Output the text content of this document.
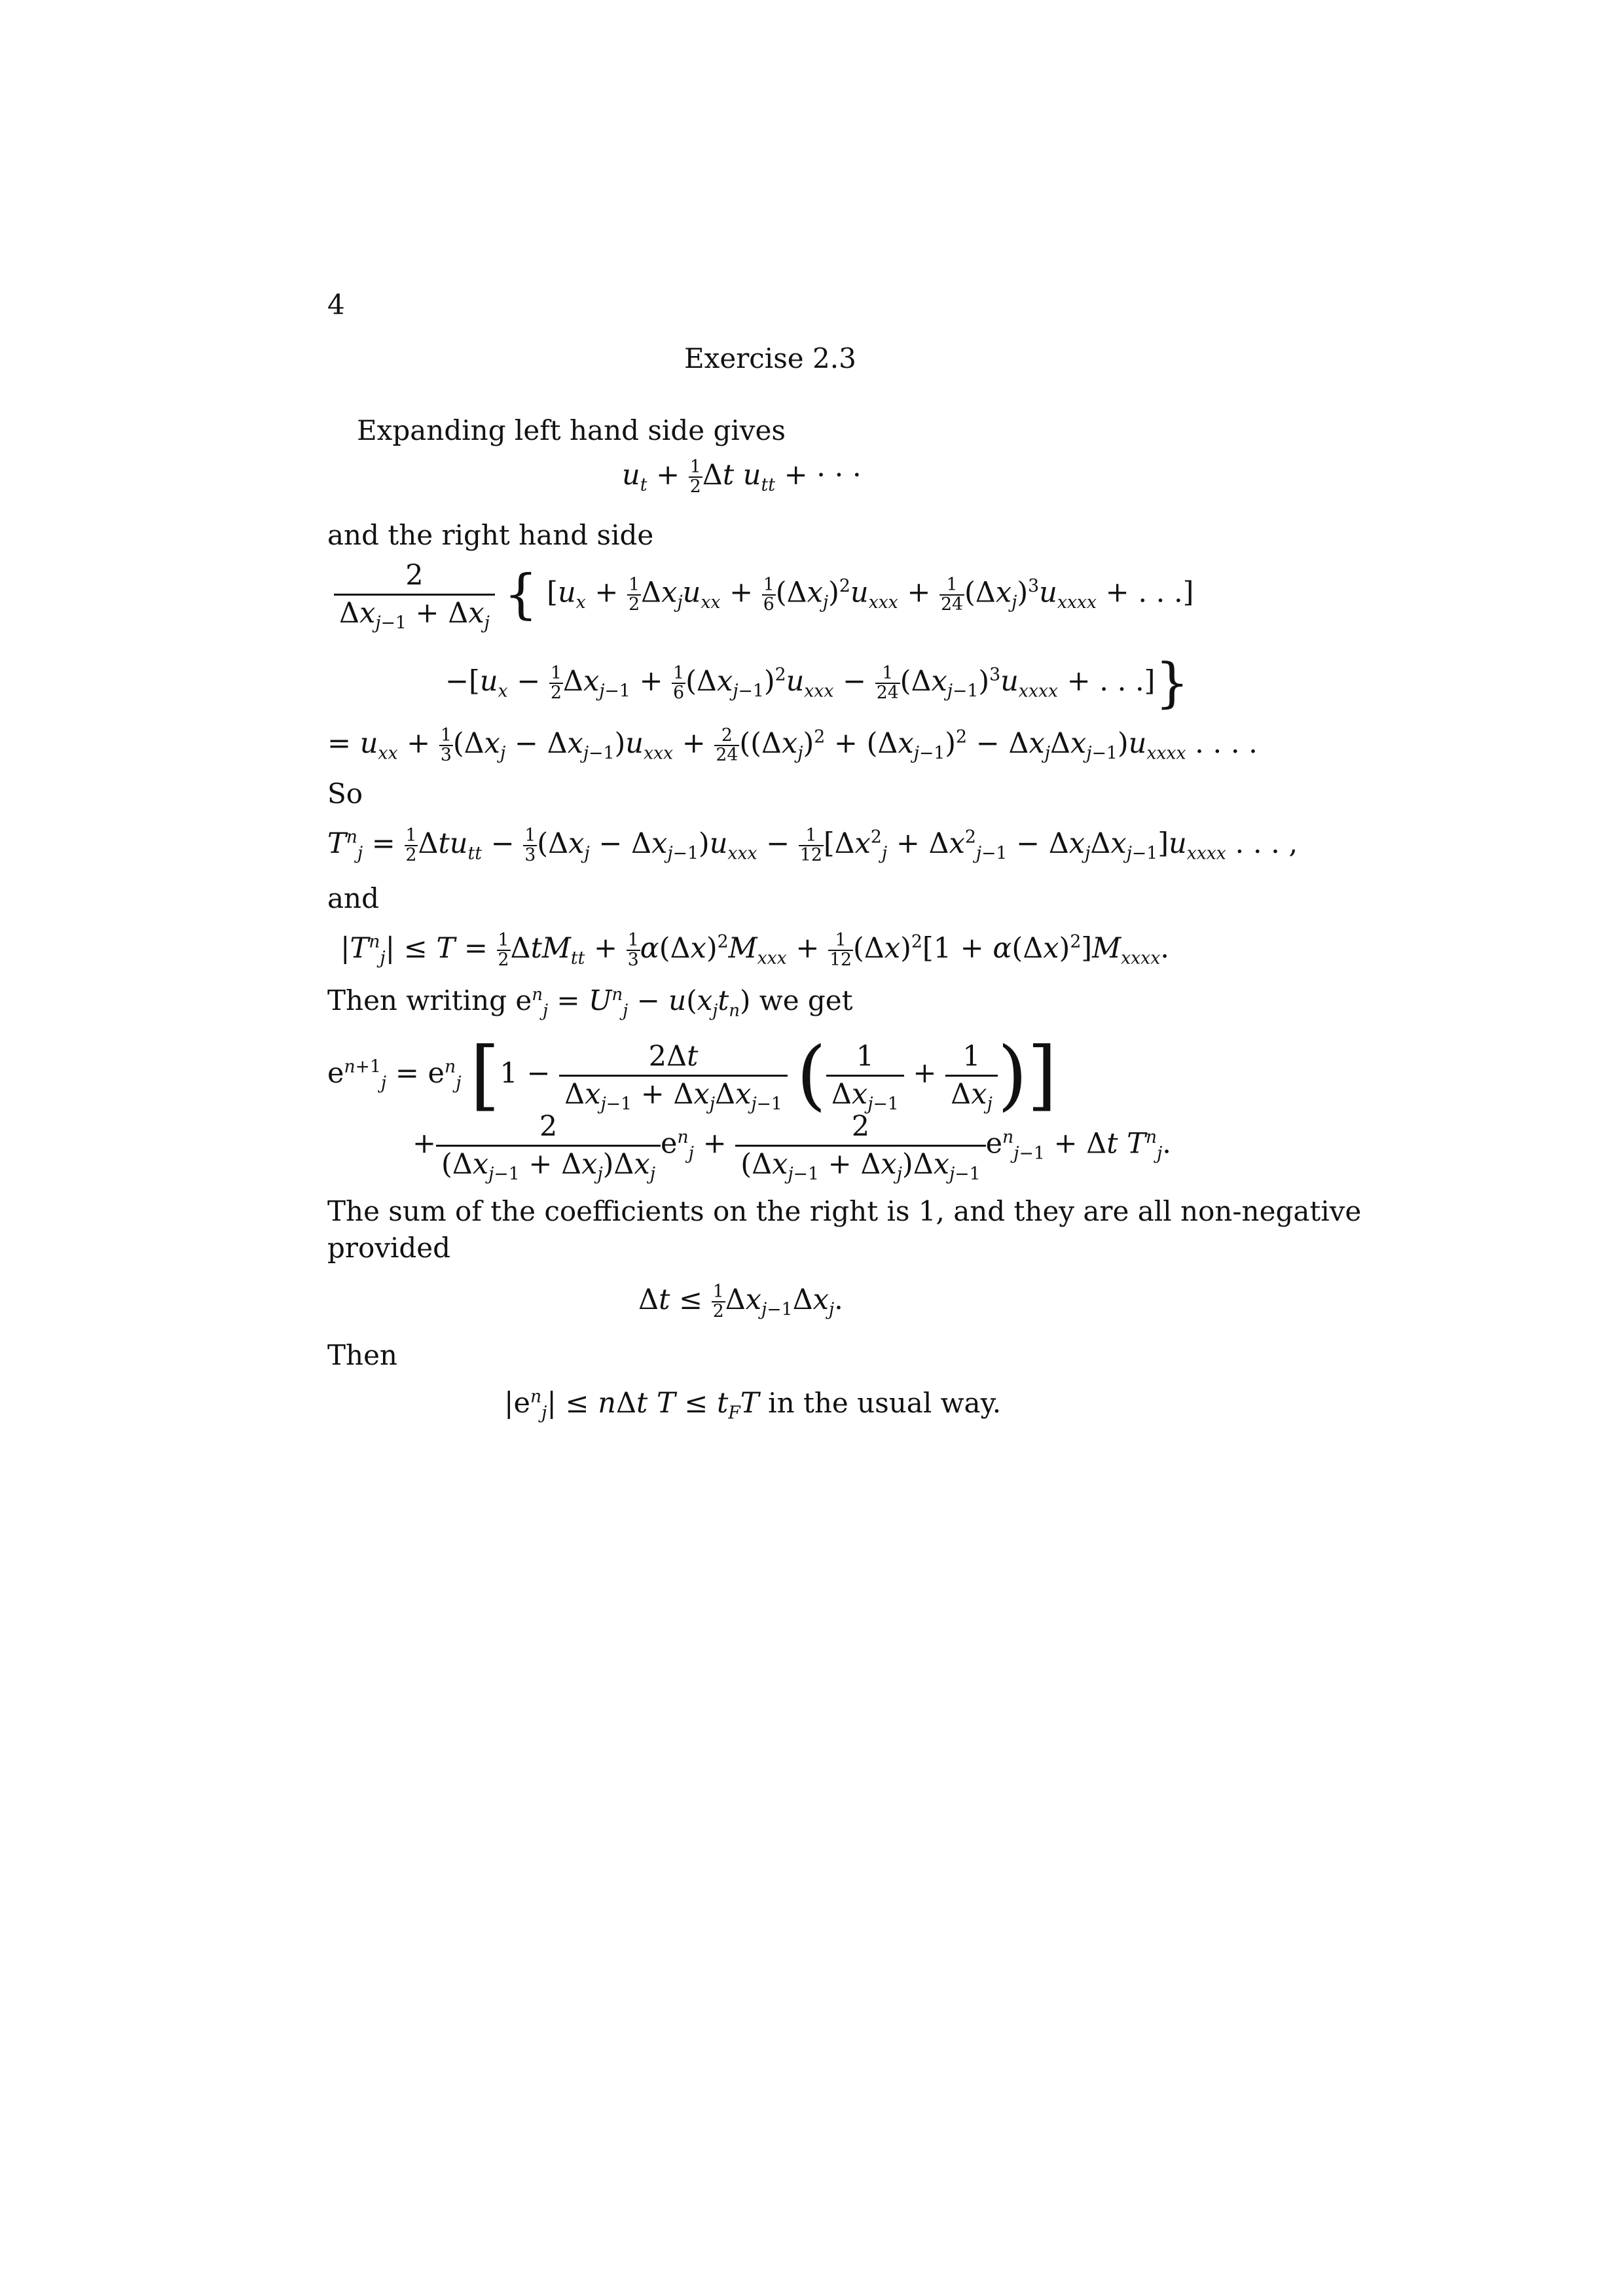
4
Exercise 2.3
Expanding left hand side gives
$u_t + \frac{1}{2}$ Δt $u_{tt}$ + · · ·
and the right hand side
$\frac{2}{\Delta x_{j-1} + \Delta x_j}$ { [$u_x + \frac{1}{2} \Delta x_ju_{xx} + \frac{1}{6} (\Delta x_j)^2u_{xxx} + \frac{1}{24} (\Delta x_j)^3u_{xxxx}$ + . . .]
$-[u_x - \frac{1}{2} \Delta x_{j-1} + \frac{1}{6} (\Delta x_{j-1})^2u_{xxx} - \frac{1}{24} (\Delta x_{j-1})^3u_{xxxx}$ + . . .]}
= $u_{xx} + \frac{1}{3} (\Delta x_j - \Delta x_{j-1})u_{xxx} + \frac{2}{24} ((\Delta x_j)^2 + (\Delta x_{j-1})^2 - \Delta x_j\Delta x_{j-1})u_{xxxx}$ . . . .
So
$T^n_j = \frac{1}{2} \Delta tu_{tt} - \frac{1}{3} (\Delta x_j - \Delta x_{j-1})u_{xxx} - \frac{1}{12} [\Delta x^2_j + \Delta x^2_{j-1} - \Delta x_j\Delta x_{j-1}]u_{xxxx}$ . . . ,
and
$|T^n_j| \le T = \frac{1}{2} \Delta tM_{tt} + \frac{1}{3} \alpha(\Delta x)^2M_{xxx} + \frac{1}{12} (\Delta x)^2[1 + \alpha(\Delta x)^2]M_{xxxx}$.
Then writing $e^n_j = U^n_j - u(x_jt_n)$ we get
$e^{n+1}_j = e^n_j$ [$1 - \frac{2\Delta t}{\Delta x_{j-1} + \Delta x_j\Delta x_{j-1}}$ ( $\frac{1}{\Delta x_{j-1}} + \frac{1}{\Delta x_j}$ )]
+ $\frac{2}{(\Delta x_{j-1} + \Delta x_j)\Delta x_j} e^n_j + \frac{2}{(\Delta x_{j-1} + \Delta x_j)\Delta x_{j-1}} e^n_{j-1} + \Delta t$ $T^n_j$.
The sum of the coefficients on the right is 1, and they are all non-negative
provided
$\Delta t \le \frac{1}{2} \Delta x_{j-1}\Delta x_j$.
Then
$|e^n_j| \le n\Delta t$ $T \le t_FT$ in the usual way.
